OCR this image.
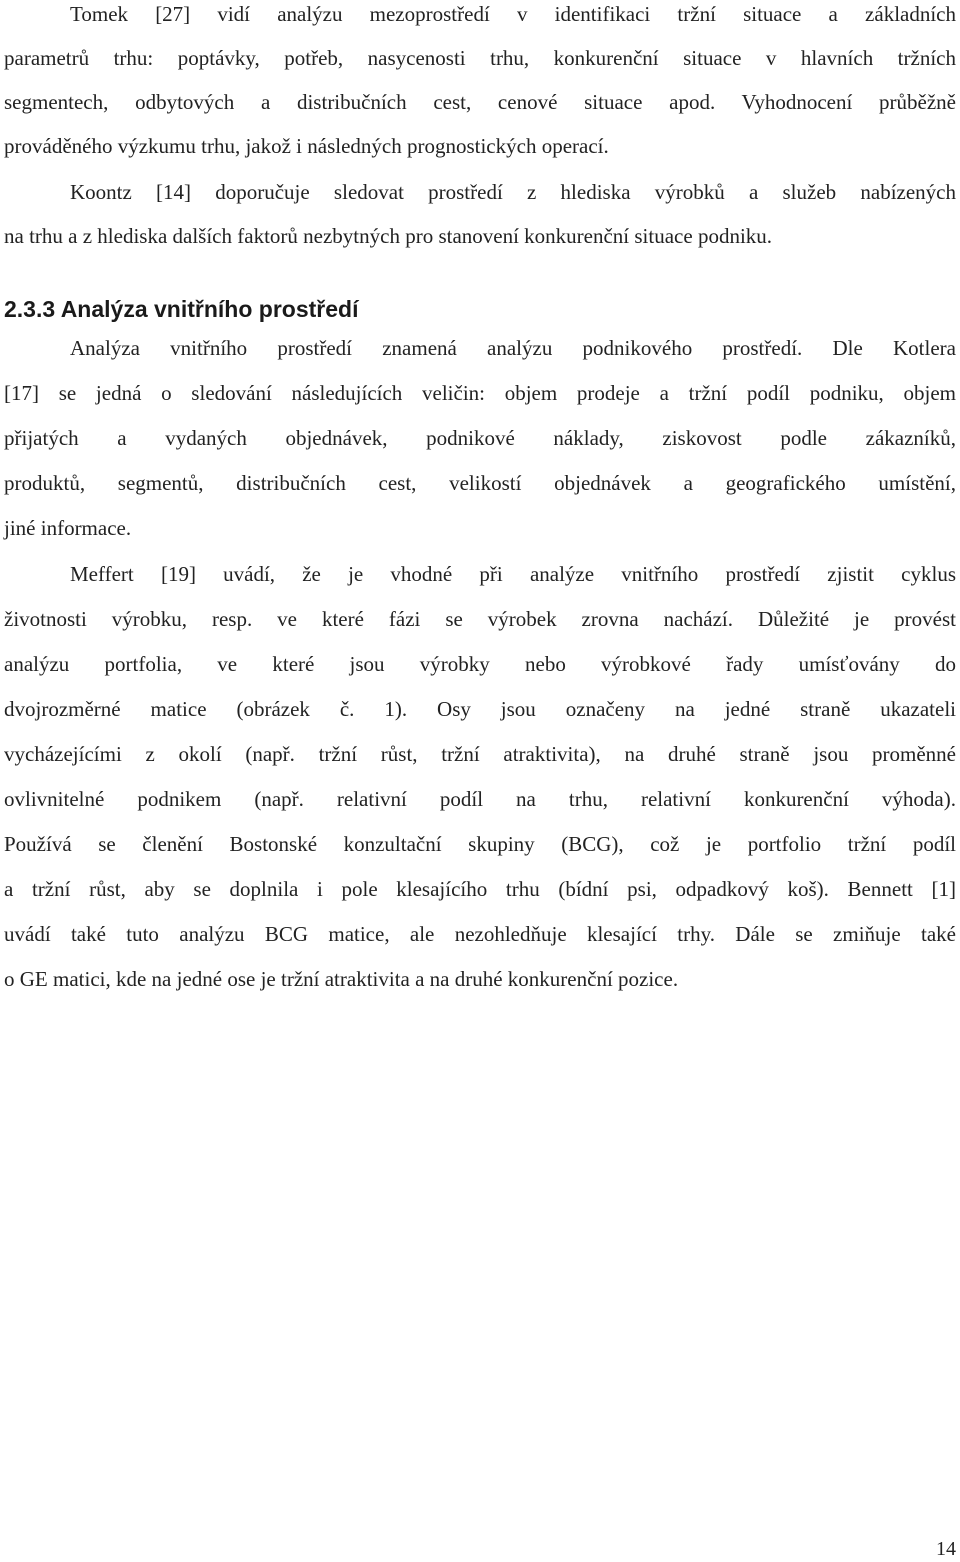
Tomek [27] vidí analýzu mezoprostředí v identifikaci tržní situace a základních
parametrů trhu: poptávky, potřeb, nasycenosti trhu, konkurenční situace v hlavních tržních
segmentech, odbytových a distribučních cest, cenové situace apod. Vyhodnocení průběžně
prováděného výzkumu trhu, jakož i následných prognostických operací.
Koontz [14] doporučuje sledovat prostředí z hlediska výrobků a služeb nabízených
na trhu a z hlediska dalších faktorů nezbytných pro stanovení konkurenční situace podniku.
2.3.3 Analýza vnitřního prostředí
Analýza vnitřního prostředí znamená analýzu podnikového prostředí. Dle Kotlera
[17] se jedná o sledování následujících veličin: objem prodeje a tržní podíl podniku, objem
přijatých a vydaných objednávek, podnikové náklady, ziskovost podle zákazníků,
produktů, segmentů, distribučních cest, velikostí objednávek a geografického umístění,
jiné informace.
Meffert [19] uvádí, že je vhodné při analýze vnitřního prostředí zjistit cyklus
životnosti výrobku, resp. ve které fázi se výrobek zrovna nachází. Důležité je provést
analýzu portfolia, ve které jsou výrobky nebo výrobkové řady umísťovány do
dvojrozměrné matice (obrázek č. 1). Osy jsou označeny na jedné straně ukazateli
vycházejícími z okolí (např. tržní růst, tržní atraktivita), na druhé straně jsou proměnné
ovlivnitelné podnikem (např. relativní podíl na trhu, relativní konkurenční výhoda).
Používá se členění Bostonské konzultační skupiny (BCG), což je portfolio tržní podíl
a tržní růst, aby se doplnila i pole klesajícího trhu (bídní psi, odpadkový koš). Bennett [1]
uvádí také tuto analýzu BCG matice, ale nezohledňuje klesající trhy. Dále se zmiňuje také
o GE matici, kde na jedné ose je tržní atraktivita a na druhé konkurenční pozice.
14
